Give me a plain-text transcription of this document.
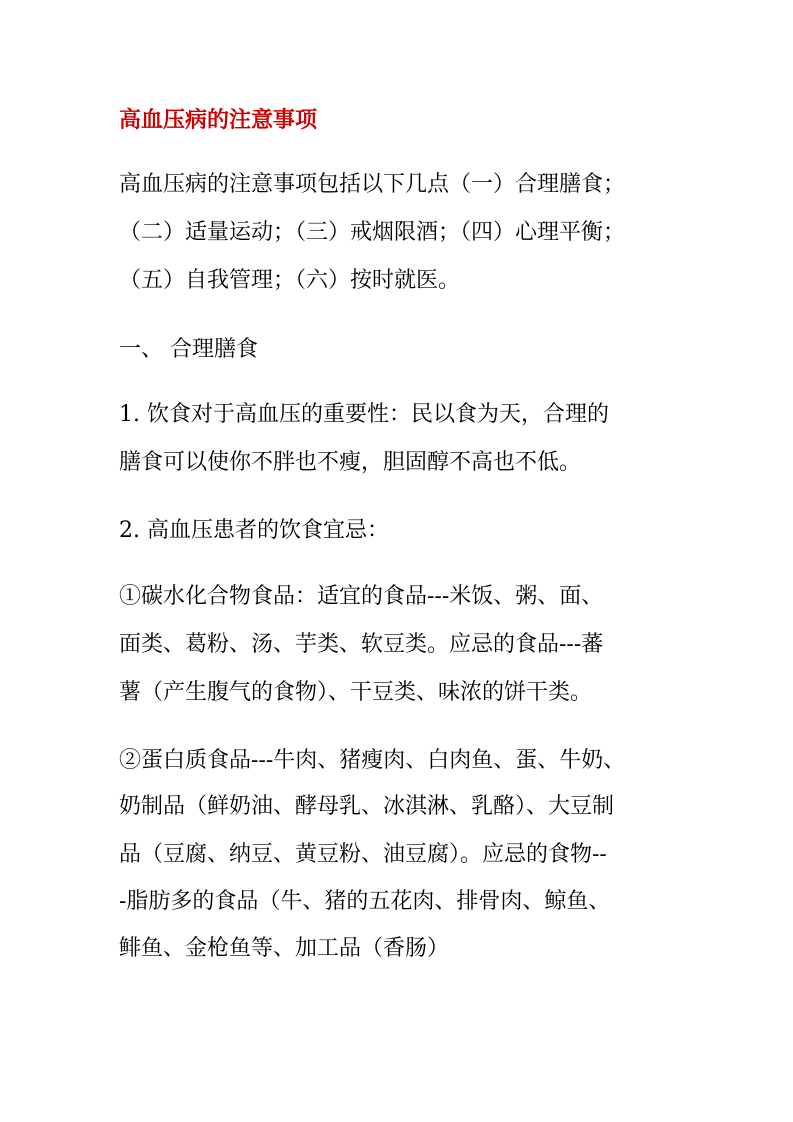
高血压病的注意事项
高血压病的注意事项包括以下几点（一）合理膳食；
（二）适量运动；（三）戒烟限酒；（四）心理平衡；
（五）自我管理；（六）按时就医。
一、 合理膳食
1. 饮食对于高血压的重要性：民以食为天，合理的
膳食可以使你不胖也不瘦，胆固醇不高也不低。
2. 高血压患者的饮食宜忌：
①碳水化合物食品：适宜的食品---米饭、粥、面、
面类、葛粉、汤、芋类、软豆类。应忌的食品---蕃
薯（产生腹气的食物）、干豆类、味浓的饼干类。
②蛋白质食品---牛肉、猪瘦肉、白肉鱼、蛋、牛奶、
奶制品（鲜奶油、酵母乳、冰淇淋、乳酪）、大豆制
品（豆腐、纳豆、黄豆粉、油豆腐）。应忌的食物--
-脂肪多的食品（牛、猪的五花肉、排骨肉、鲸鱼、
鲱鱼、金枪鱼等、加工品（香肠）
